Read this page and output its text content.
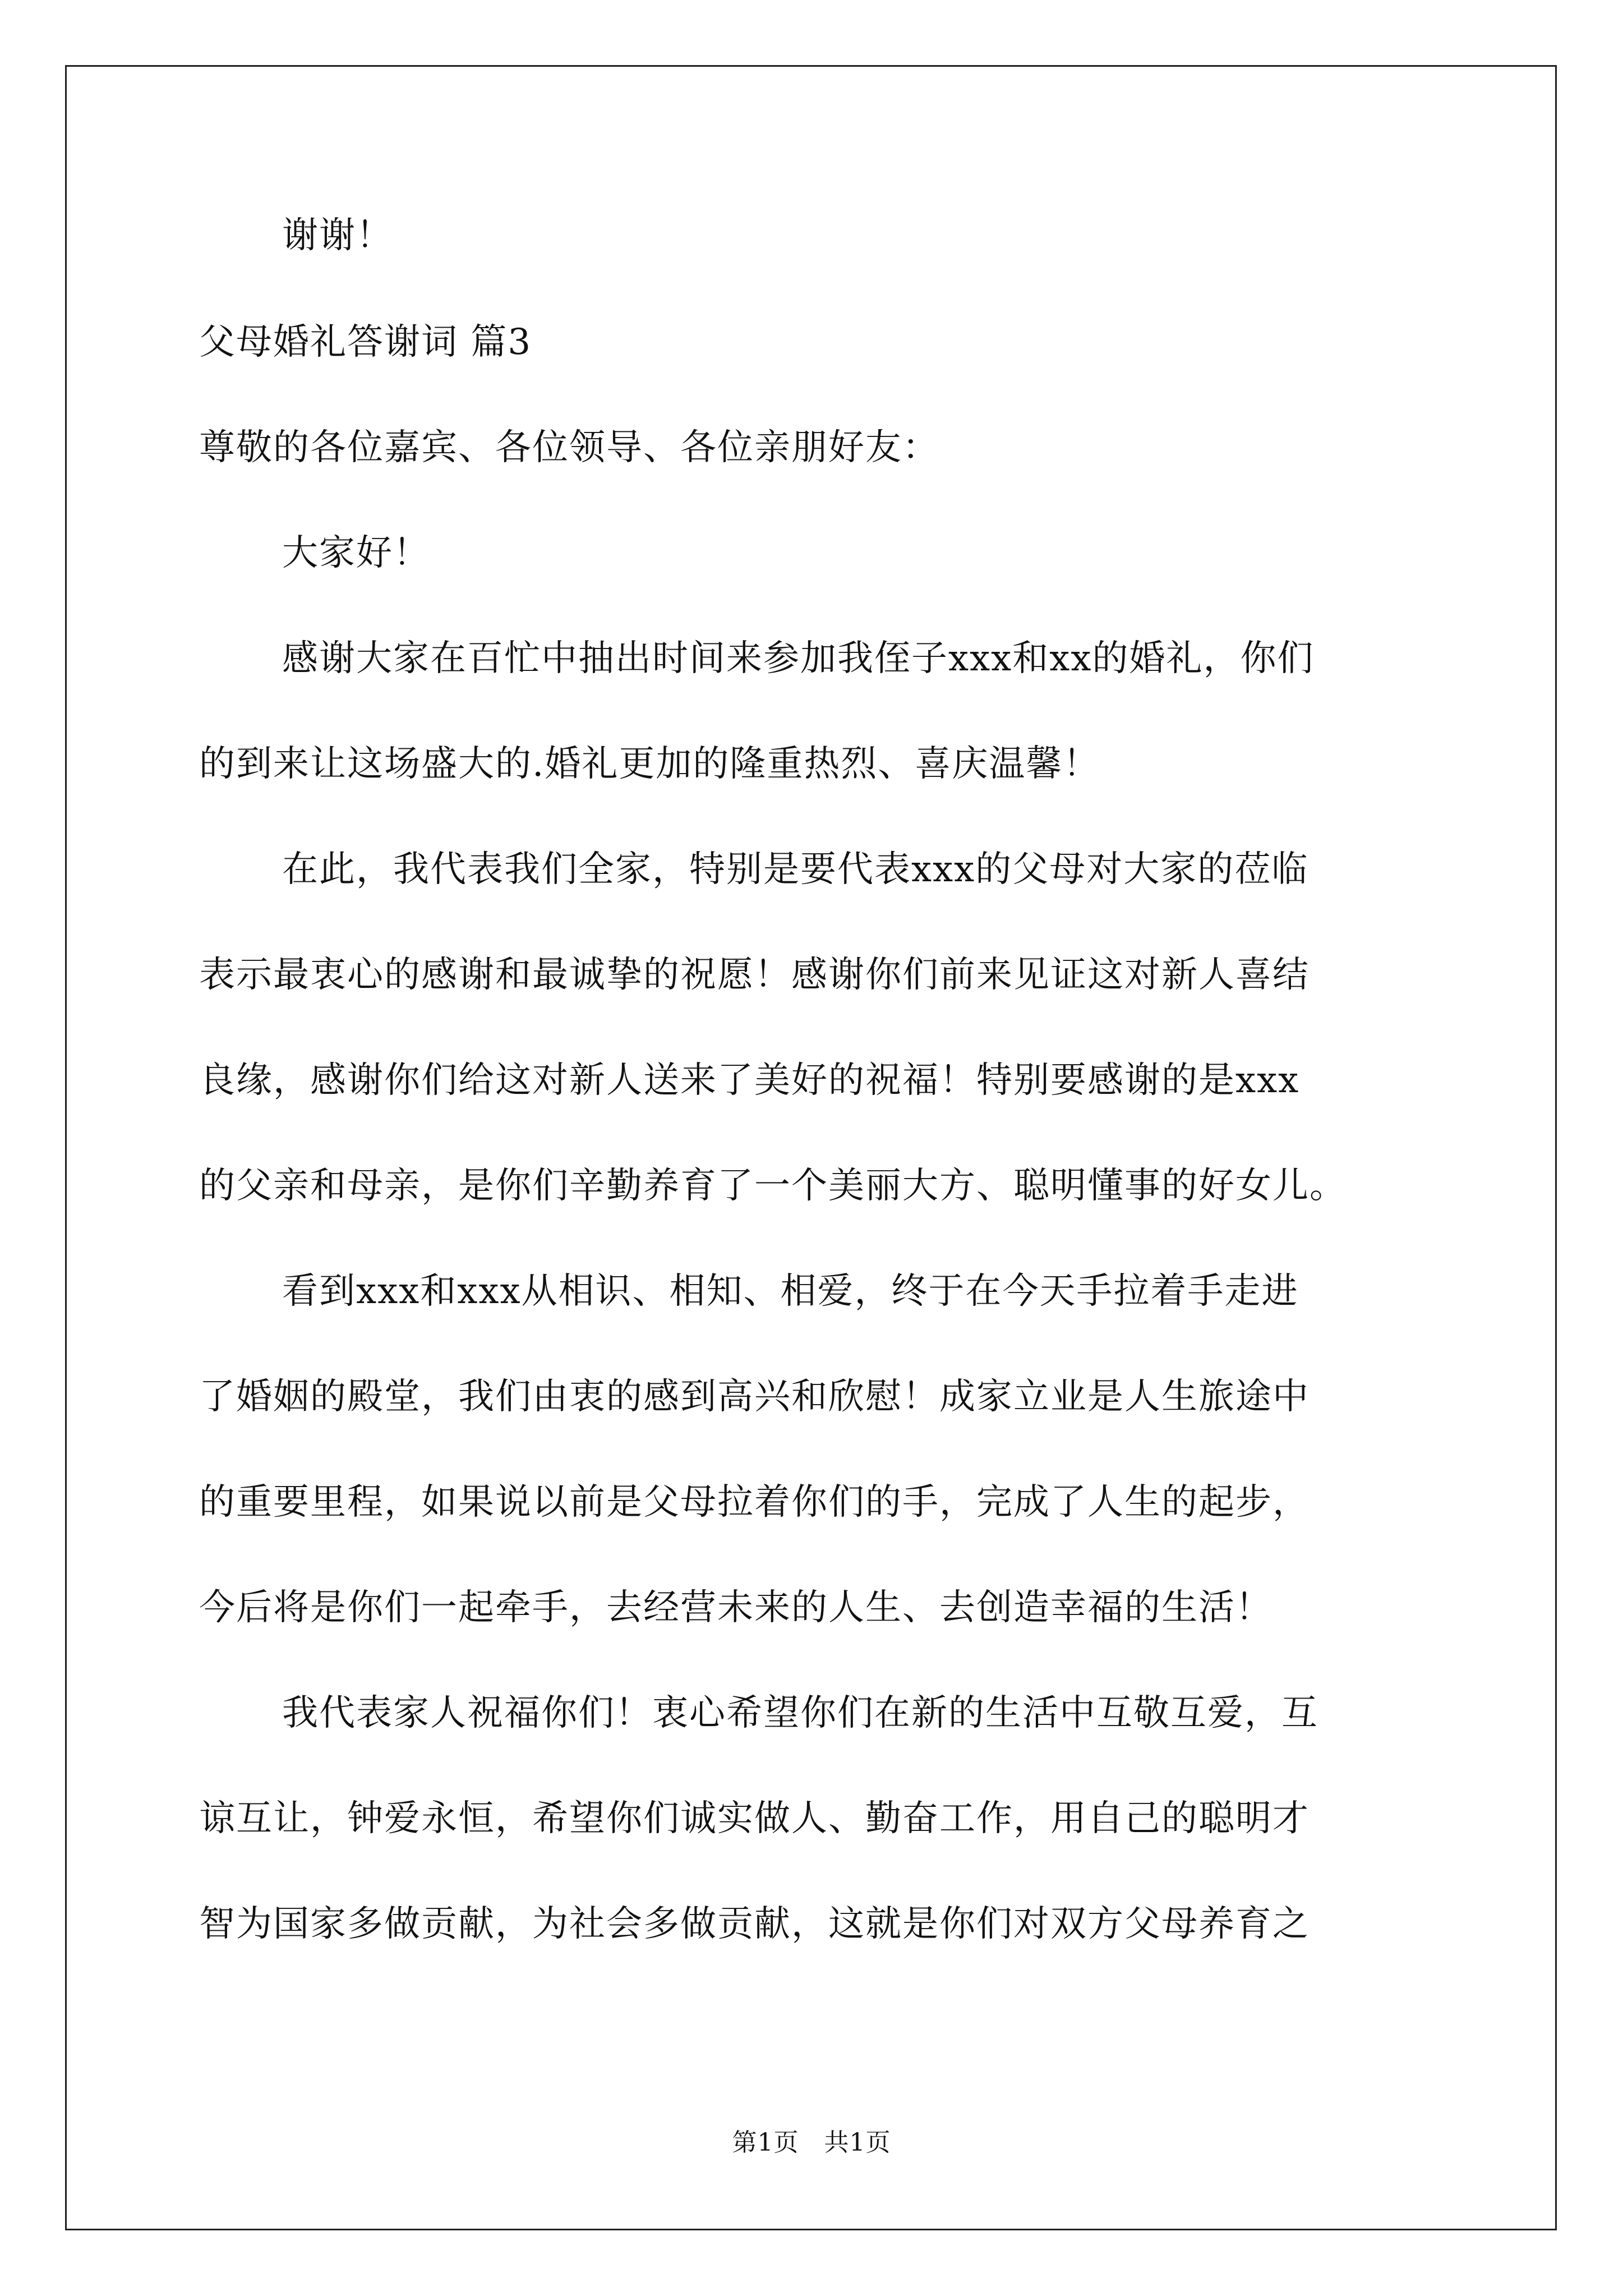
谢谢！
父母婚礼答谢词 篇3
尊敬的各位嘉宾、各位领导、各位亲朋好友：
大家好！
感谢大家在百忙中抽出时间来参加我侄子xxx和xx的婚礼，你们
的到来让这场盛大的.婚礼更加的隆重热烈、喜庆温馨！
在此，我代表我们全家，特别是要代表xxx的父母对大家的莅临
表示最衷心的感谢和最诚挚的祝愿！感谢你们前来见证这对新人喜结
良缘，感谢你们给这对新人送来了美好的祝福！特别要感谢的是xxx
的父亲和母亲，是你们辛勤养育了一个美丽大方、聪明懂事的好女儿。
看到xxx和xxx从相识、相知、相爱，终于在今天手拉着手走进
了婚姻的殿堂，我们由衷的感到高兴和欣慰！成家立业是人生旅途中
的重要里程，如果说以前是父母拉着你们的手，完成了人生的起步，
今后将是你们一起牵手，去经营未来的人生、去创造幸福的生活！
我代表家人祝福你们！衷心希望你们在新的生活中互敬互爱，互
谅互让，钟爱永恒，希望你们诚实做人、勤奋工作，用自己的聪明才
智为国家多做贡献，为社会多做贡献，这就是你们对双方父母养育之
第1页　共1页
